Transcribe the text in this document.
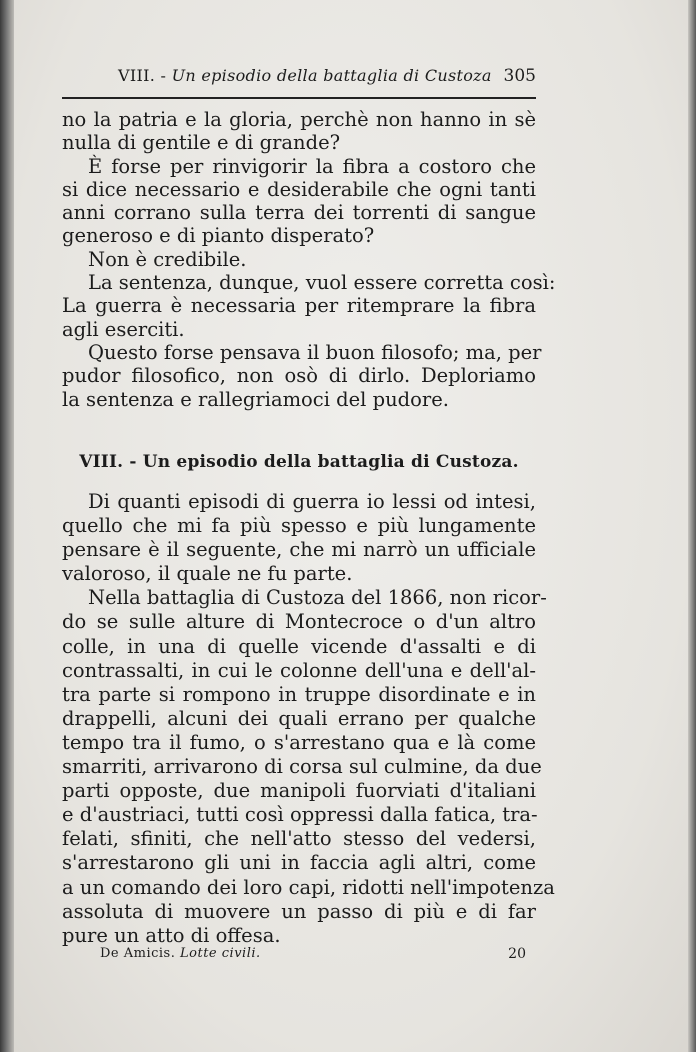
VIII. - Un episodio della battaglia di Custoza 305
no la patria e la gloria, perchè non hanno in sè
nulla di gentile e di grande?
È forse per rinvigorir la fibra a costoro che
si dice necessario e desiderabile che ogni tanti
anni corrano sulla terra dei torrenti di sangue
generoso e di pianto disperato?
Non è credibile.
La sentenza, dunque, vuol essere corretta così:
La guerra è necessaria per ritemprare la fibra
agli eserciti.
Questo forse pensava il buon filosofo; ma, per
pudor filosofico, non osò di dirlo. Deploriamo
la sentenza e rallegriamoci del pudore.
VIII. - Un episodio della battaglia di Custoza.
Di quanti episodi di guerra io lessi od intesi,
quello che mi fa più spesso e più lungamente
pensare è il seguente, che mi narrò un ufficiale
valoroso, il quale ne fu parte.
Nella battaglia di Custoza del 1866, non ricor-
do se sulle alture di Montecroce o d'un altro
colle, in una di quelle vicende d'assalti e di
contrassalti, in cui le colonne dell'una e dell'al-
tra parte si rompono in truppe disordinate e in
drappelli, alcuni dei quali errano per qualche
tempo tra il fumo, o s'arrestano qua e là come
smarriti, arrivarono di corsa sul culmine, da due
parti opposte, due manipoli fuorviati d'italiani
e d'austriaci, tutti così oppressi dalla fatica, tra-
felati, sfiniti, che nell'atto stesso del vedersi,
s'arrestarono gli uni in faccia agli altri, come
a un comando dei loro capi, ridotti nell'impotenza
assoluta di muovere un passo di più e di far
pure un atto di offesa.
De Amicis. Lotte civili.	20
